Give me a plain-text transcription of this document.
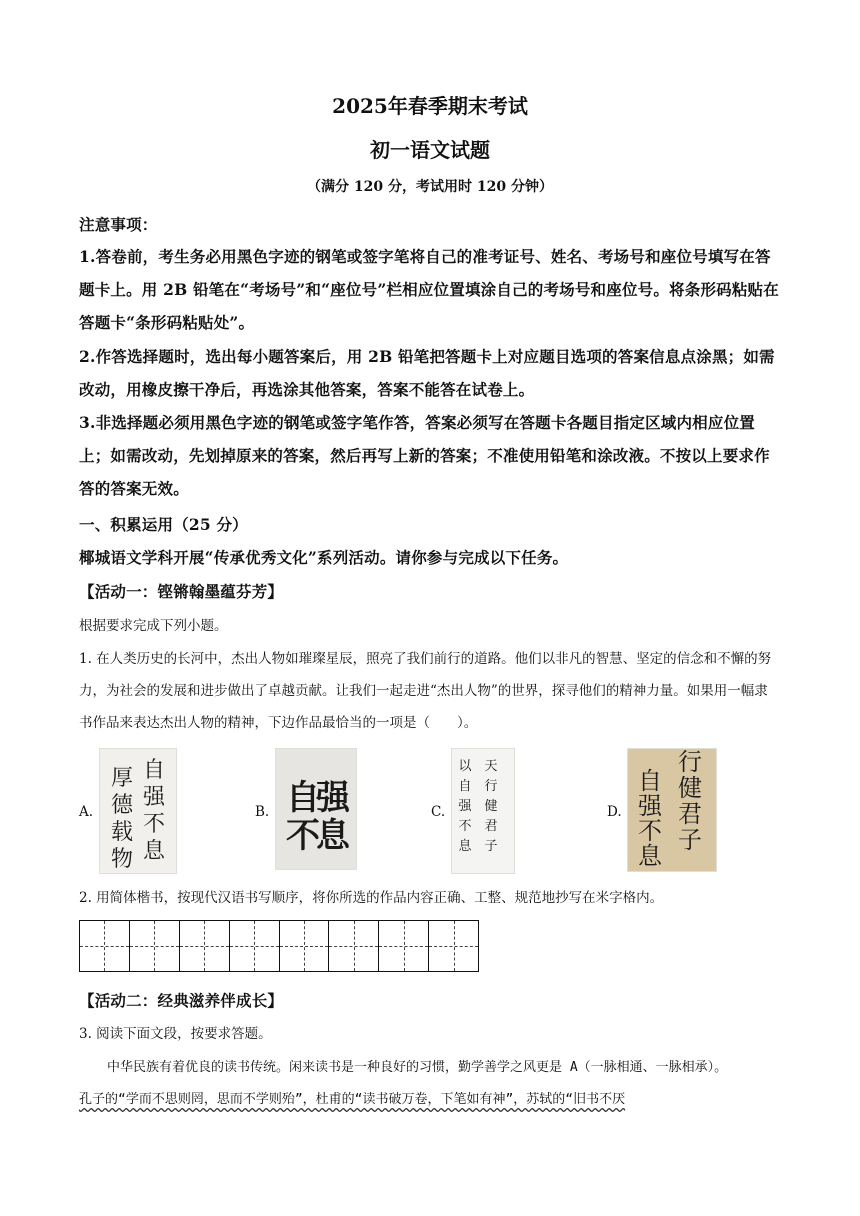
2025年春季期末考试
初一语文试题
（满分 120 分，考试用时 120 分钟）
注意事项：
1.答卷前，考生务必用黑色字迹的钢笔或签字笔将自己的准考证号、姓名、考场号和座位号填写在答题卡上。用 2B 铅笔在“考场号”和“座位号”栏相应位置填涂自己的考场号和座位号。将条形码粘贴在答题卡“条形码粘贴处”。
2.作答选择题时，选出每小题答案后，用 2B 铅笔把答题卡上对应题目选项的答案信息点涂黑；如需改动，用橡皮擦干净后，再选涂其他答案，答案不能答在试卷上。
3.非选择题必须用黑色字迹的钢笔或签字笔作答，答案必须写在答题卡各题目指定区域内相应位置上；如需改动，先划掉原来的答案，然后再写上新的答案；不准使用铅笔和涂改液。不按以上要求作答的答案无效。
一、积累运用（25 分）
椰城语文学科开展“传承优秀文化”系列活动。请你参与完成以下任务。
【活动一：铿锵翰墨蕴芬芳】
根据要求完成下列小题。
1. 在人类历史的长河中，杰出人物如璀璨星辰，照亮了我们前行的道路。他们以非凡的智慧、坚定的信念和不懈的努力，为社会的发展和进步做出了卓越贡献。让我们一起走进“杰出人物”的世界，探寻他们的精神力量。如果用一幅隶书作品来表达杰出人物的精神，下边作品最恰当的一项是（　　）。
A.
厚德载物
自强不息
B. 自强不息
C.
以自强不息
天行健君子
D.
自强不息
行健君子
2. 用简体楷书，按现代汉语书写顺序，将你所选的作品内容正确、工整、规范地抄写在米字格内。
【活动二：经典滋养伴成长】
3. 阅读下面文段，按要求答题。
中华民族有着优良的读书传统。闲来读书是一种良好的习惯，勤学善学之风更是 A（一脉相通、一脉相承）。
孔子的“学而不思则罔，思而不学则殆”，杜甫的“读书破万卷，下笔如有神”，苏轼的“旧书不厌
